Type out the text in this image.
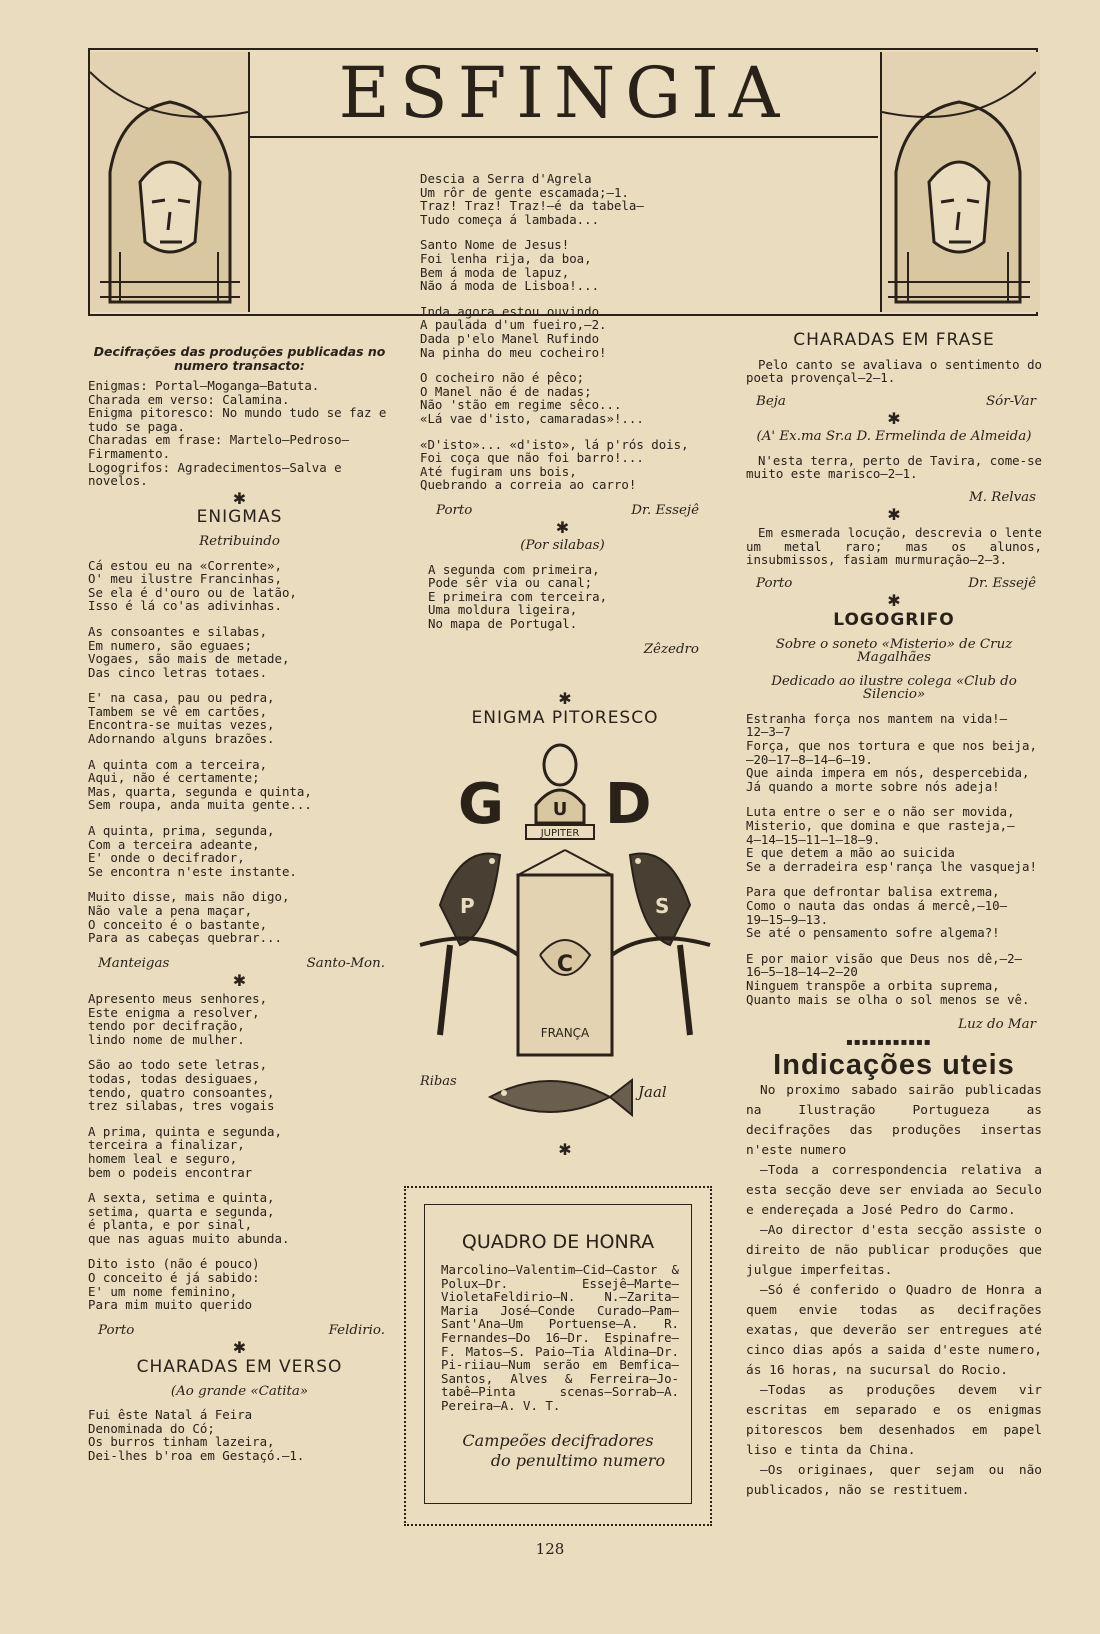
ESFINGIA
Decifrações das produções publicadas no numero transacto:
Enigmas: Portal—Moganga—Batuta.
Charada em verso: Calamina.
Enigma pitoresco: No mundo tudo se faz e tudo se paga.
Charadas em frase: Martelo—Pedroso—Firmamento.
Logogrifos: Agradecimentos—Salva e novelos.
✱
ENIGMAS
Retribuindo
Cá estou eu na «Corrente»,
O' meu ilustre Francinhas,
Se ela é d'ouro ou de latão,
Isso é lá co'as adivinhas.
As consoantes e silabas,
Em numero, são eguaes;
Vogaes, são mais de metade,
Das cinco letras totaes.
E' na casa, pau ou pedra,
Tambem se vê em cartões,
Encontra-se muitas vezes,
Adornando alguns brazões.
A quinta com a terceira,
Aqui, não é certamente;
Mas, quarta, segunda e quinta,
Sem roupa, anda muita gente...
A quinta, prima, segunda,
Com a terceira adeante,
E' onde o decifrador,
Se encontra n'este instante.
Muito disse, mais não digo,
Não vale a pena maçar,
O conceito é o bastante,
Para as cabeças quebrar...
Manteigas	Santo-Mon.
✱
Apresento meus senhores,
Este enigma a resolver,
tendo por decifração,
lindo nome de mulher.
São ao todo sete letras,
todas, todas desiguaes,
tendo, quatro consoantes,
trez silabas, tres vogais
A prima, quinta e segunda,
terceira a finalizar,
homem leal e seguro,
bem o podeis encontrar
A sexta, setima e quinta,
setima, quarta e segunda,
é planta, e por sinal,
que nas aguas muito abunda.
Dito isto (não é pouco)
O conceito é já sabido:
E' um nome feminino,
Para mim muito querido
Porto	Feldirio.
✱
CHARADAS EM VERSO
(Ao grande «Catita»
Fui êste Natal á Feira
Denominada do Có;
Os burros tinham lazeira,
Dei-lhes b'roa em Gestaçó.—1.
Descia a Serra d'Agrela
Um rôr de gente escamada;—1.
Traz! Traz! Traz!—é da tabela—
Tudo começa á lambada...
Santo Nome de Jesus!
Foi lenha rija, da boa,
Bem á moda de lapuz,
Não á moda de Lisboa!...
Inda agora estou ouvindo
A paulada d'um fueiro,—2.
Dada p'elo Manel Rufindo
Na pinha do meu cocheiro!
O cocheiro não é pêco;
O Manel não é de nadas;
Não 'stão em regime sêco...
«Lá vae d'isto, camaradas»!...
«D'isto»... «d'isto», lá p'rós dois,
Foi coça que não foi barro!...
Até fugiram uns bois,
Quebrando a correia ao carro!
Porto	Dr. Essejê
✱
(Por silabas)
A segunda com primeira,
Pode sêr via ou canal;
E primeira com terceira,
Uma moldura ligeira,
No mapa de Portugal.
Zêzedro
✱
ENIGMA PITORESCO
G D
U
JUPITER
P	S
C
FRANÇA
Ribas
Jaal
✱
QUADRO DE HONRA
Marcolino—Valentim—Cid—Castor & Polux—Dr. Essejê—Marte—VioletaFeldirio—N. N.—Zarita—Maria José—Conde Curado—Pam—Sant'Ana—Um Portuense—A. R. Fernandes—Do 16—Dr. Espinafre—F. Matos—S. Paio—Tia Aldina—Dr. Pi-riiau—Num serão em Bemfica—Santos, Alves & Ferreira—Jo-tabê—Pinta scenas—Sorrab—A. Pereira—A. V. T.
Campeões decifradores
do penultimo numero
CHARADAS EM FRASE
Pelo canto se avaliava o sentimento do poeta provençal—2—1.
Beja	Sór-Var
✱
(A' Ex.ma Sr.a D. Ermelinda de Almeida)
N'esta terra, perto de Tavira, come-se muito este marisco—2—1.
M. Relvas
✱
Em esmerada locução, descrevia o lente um metal raro; mas os alunos, insubmissos, fasiam murmuração—2—3.
Porto	Dr. Essejê
✱
LOGOGRIFO
Sobre o soneto «Misterio» de Cruz Magalhães
Dedicado ao ilustre colega «Club do Silencio»
Estranha força nos mantem na vida!—
12—3—7
Força, que nos tortura e que nos beija,
—20—17—8—14—6—19.
Que ainda impera em nós, despercebida,
Já quando a morte sobre nós adeja!
Luta entre o ser e o não ser movida,
Misterio, que domina e que rasteja,—
4—14—15—11—1—18—9.
E que detem a mão ao suicida
Se a derradeira esp'rança lhe vasqueja!
Para que defrontar balisa extrema,
Como o nauta das ondas á mercê,—10—
19—15—9—13.
Se até o pensamento sofre algema?!
E por maior visão que Deus nos dê,—2—
16—5—18—14—2—20
Ninguem transpõe a orbita suprema,
Quanto mais se olha o sol menos se vê.
Luz do Mar
▪▪▪▪▪▪▪▪▪▪▪
Indicações uteis
No proximo sabado sairão publicadas na Ilustração Portugueza as decifrações das produções insertas n'este numero
—Toda a correspondencia relativa a esta secção deve ser enviada ao Seculo e endereçada a José Pedro do Carmo.
—Ao director d'esta secção assiste o direito de não publicar produções que julgue imperfeitas.
—Só é conferido o Quadro de Honra a quem envie todas as decifrações exatas, que deverão ser entregues até cinco dias após a saida d'este numero, ás 16 horas, na sucursal do Rocio.
—Todas as produções devem vir escritas em separado e os enigmas pitorescos bem desenhados em papel liso e tinta da China.
—Os originaes, quer sejam ou não publicados, não se restituem.
128
